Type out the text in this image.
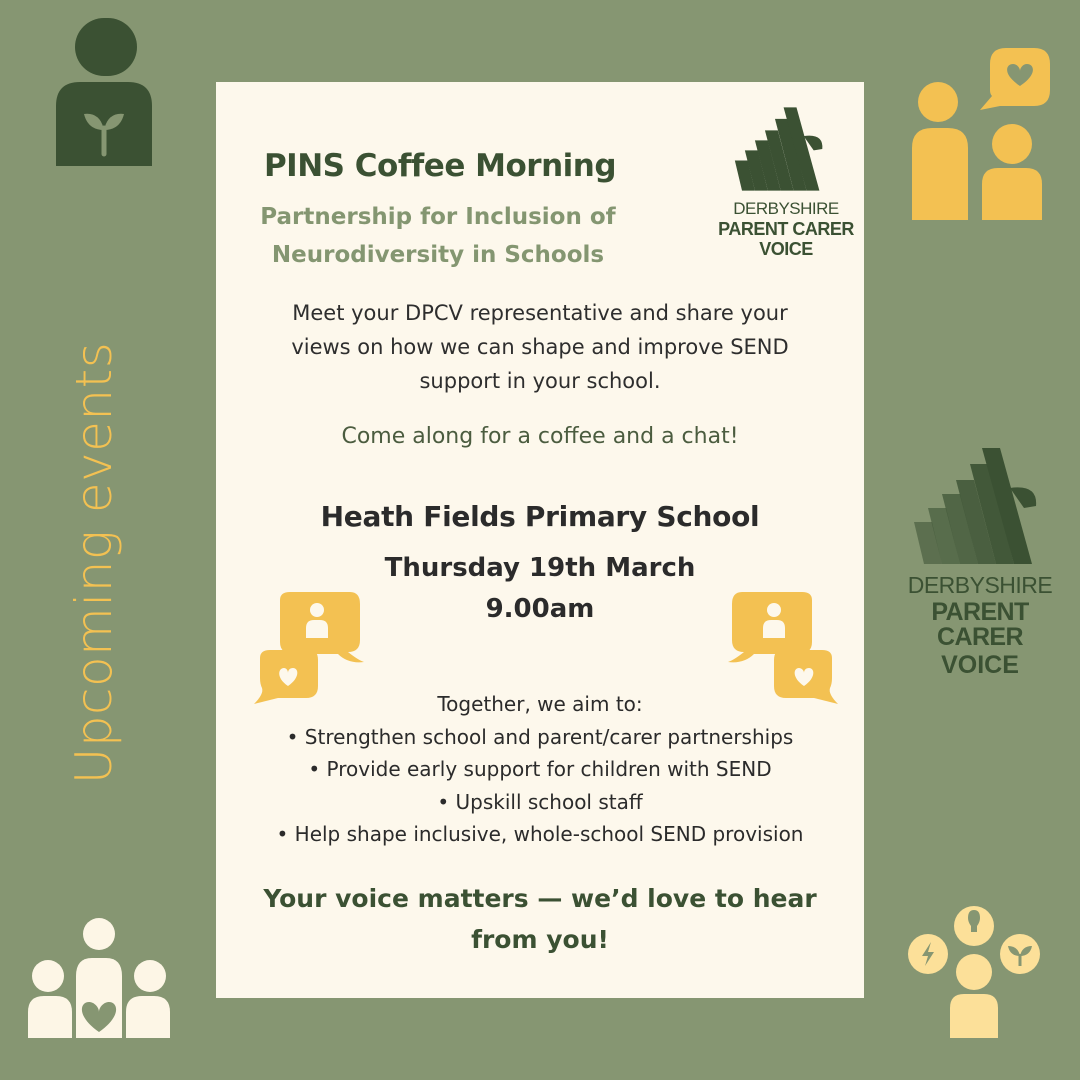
Upcoming events	DERBYSHIRE
PARENT CARER
VOICE
PINS Coffee Morning
Partnership for Inclusion of
Neurodiversity in Schools
DERBYSHIRE
PARENT CARER
VOICE
Meet your DPCV representative and share your
views on how we can shape and improve SEND
support in your school.
Come along for a coffee and a chat!
Heath Fields Primary School
Thursday 19th March
9.00am
Together, we aim to:
• Strengthen school and parent/carer partnerships
• Provide early support for children with SEND
• Upskill school staff
• Help shape inclusive, whole-school SEND provision
Your voice matters — we’d love to hear
from you!
